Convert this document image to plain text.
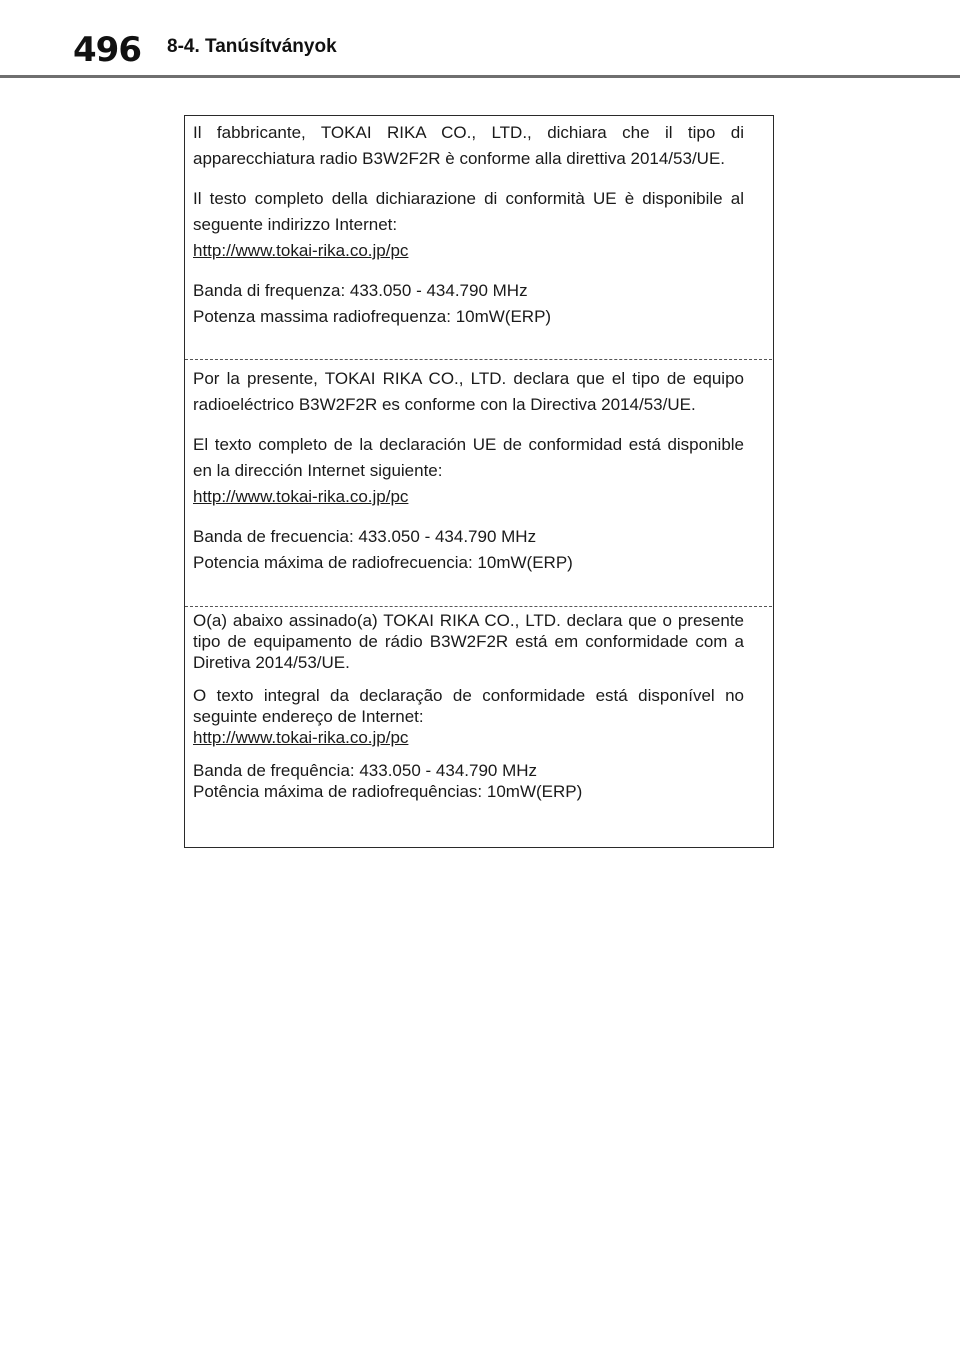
496 8-4. Tanúsítványok

Il fabbricante, TOKAI RIKA CO., LTD., dichiara che il tipo di apparecchiatura radio B3W2F2R è conforme alla direttiva 2014/53/UE.

Il testo completo della dichiarazione di conformità UE è disponibile al seguente indirizzo Internet:

http://www.tokai-rika.co.jp/pc

Banda di frequenza: 433.050 - 434.790 MHz

Potenza massima radiofrequenza: 10mW(ERP)

Por la presente, TOKAI RIKA CO., LTD. declara que el tipo de equipo radioeléctrico B3W2F2R es conforme con la Directiva 2014/53/UE.

El texto completo de la declaración UE de conformidad está disponible en la dirección Internet siguiente:

http://www.tokai-rika.co.jp/pc

Banda de frecuencia: 433.050 - 434.790 MHz

Potencia máxima de radiofrecuencia: 10mW(ERP)

O(a) abaixo assinado(a) TOKAI RIKA CO., LTD. declara que o presente tipo de equipamento de rádio B3W2F2R está em conformidade com a Diretiva 2014/53/UE.

O texto integral da declaração de conformidade está disponível no seguinte endereço de Internet:

http://www.tokai-rika.co.jp/pc

Banda de frequência: 433.050 - 434.790 MHz

Potência máxima de radiofrequências: 10mW(ERP)
